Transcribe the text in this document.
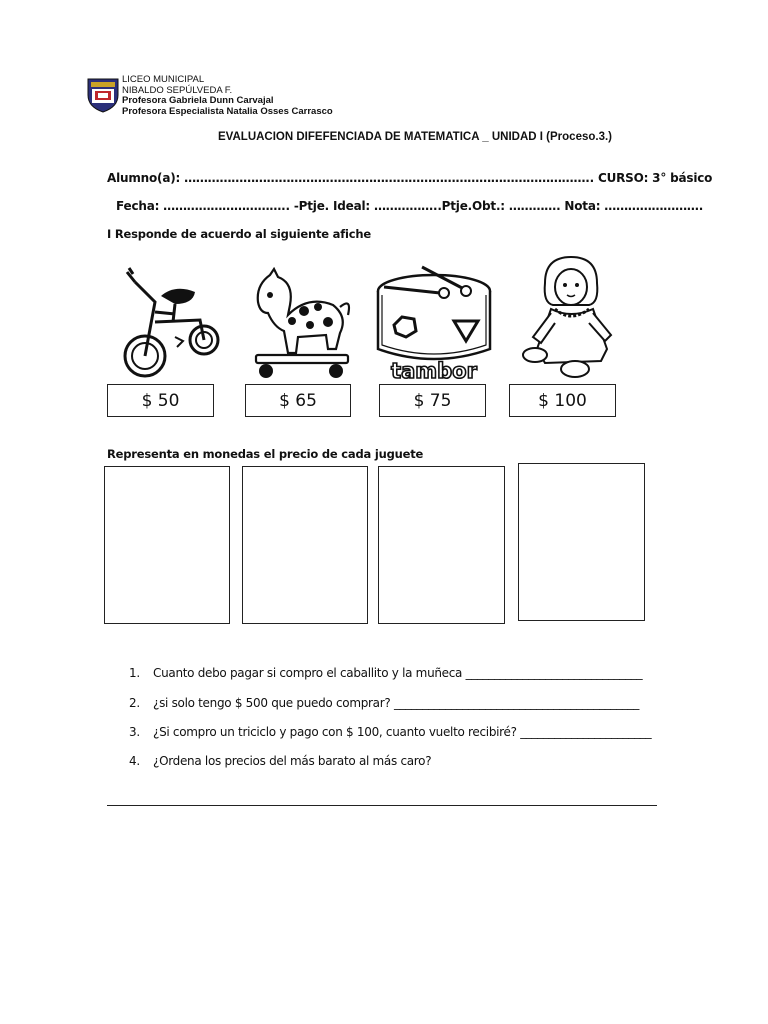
LICEO MUNICIPAL
NIBALDO SEPÚLVEDA F.
Profesora Gabriela Dunn Carvajal
Profesora Especialista Natalia Osses Carrasco
EVALUACION DIFEFENCIADA DE MATEMATICA _ UNIDAD I (Proceso.3.)
Alumno(a): ………………………………………………………………………………………….. CURSO: 3° básico
Fecha: ………………………….. -Ptje. Ideal: ……………..Ptje.Obt.: …………. Nota: …………………….
I Responde de acuerdo al siguiente afiche
tambor
$ 50	$ 65	$ 75	$ 100
Representa en monedas el precio de cada juguete
1. Cuanto debo pagar si compro el caballito y la muñeca _______________________________
2. ¿si solo tengo $ 500 que puedo comprar? ___________________________________________
3. ¿Si compro un triciclo y pago con $ 100, cuanto vuelto recibiré? _______________________
4. ¿Ordena los precios del más barato al más caro?
